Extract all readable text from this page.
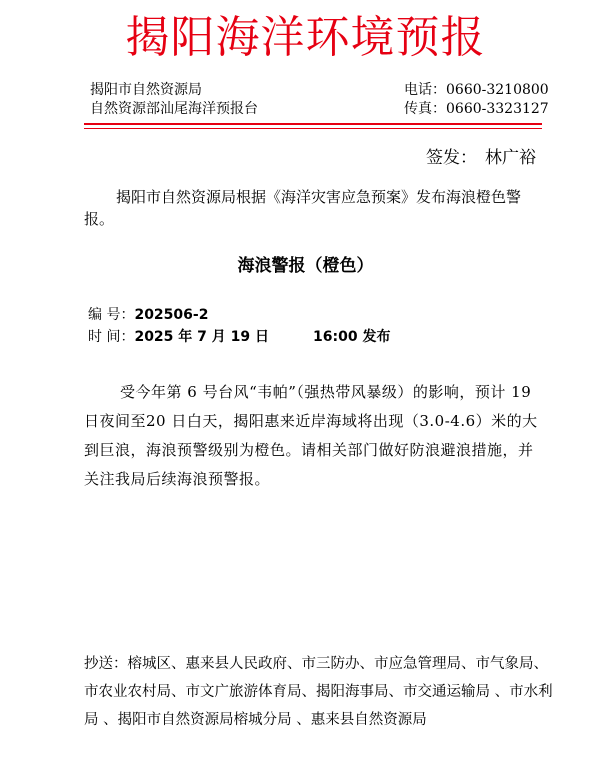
揭阳海洋环境预报
揭阳市自然资源局
自然资源部汕尾海洋预报台
电话：0660-3210800
传真：0660-3323127
签发： 林广裕
揭阳市自然资源局根据《海洋灾害应急预案》发布海浪橙色警报。
海浪警报（橙色）
编 号：202506-2
时 间：2025 年 7 月 19 日	16:00 发布
受今年第 6 号台风“韦帕”（强热带风暴级）的影响，预计 19 日夜间至20 日白天，揭阳惠来近岸海域将出现（3.0-4.6）米的大到巨浪，海浪预警级别为橙色。请相关部门做好防浪避浪措施，并关注我局后续海浪预警报。
抄送：榕城区、惠来县人民政府、市三防办、市应急管理局、市气象局、市农业农村局、市文广旅游体育局、揭阳海事局、市交通运输局 、市水利局 、揭阳市自然资源局榕城分局 、惠来县自然资源局
